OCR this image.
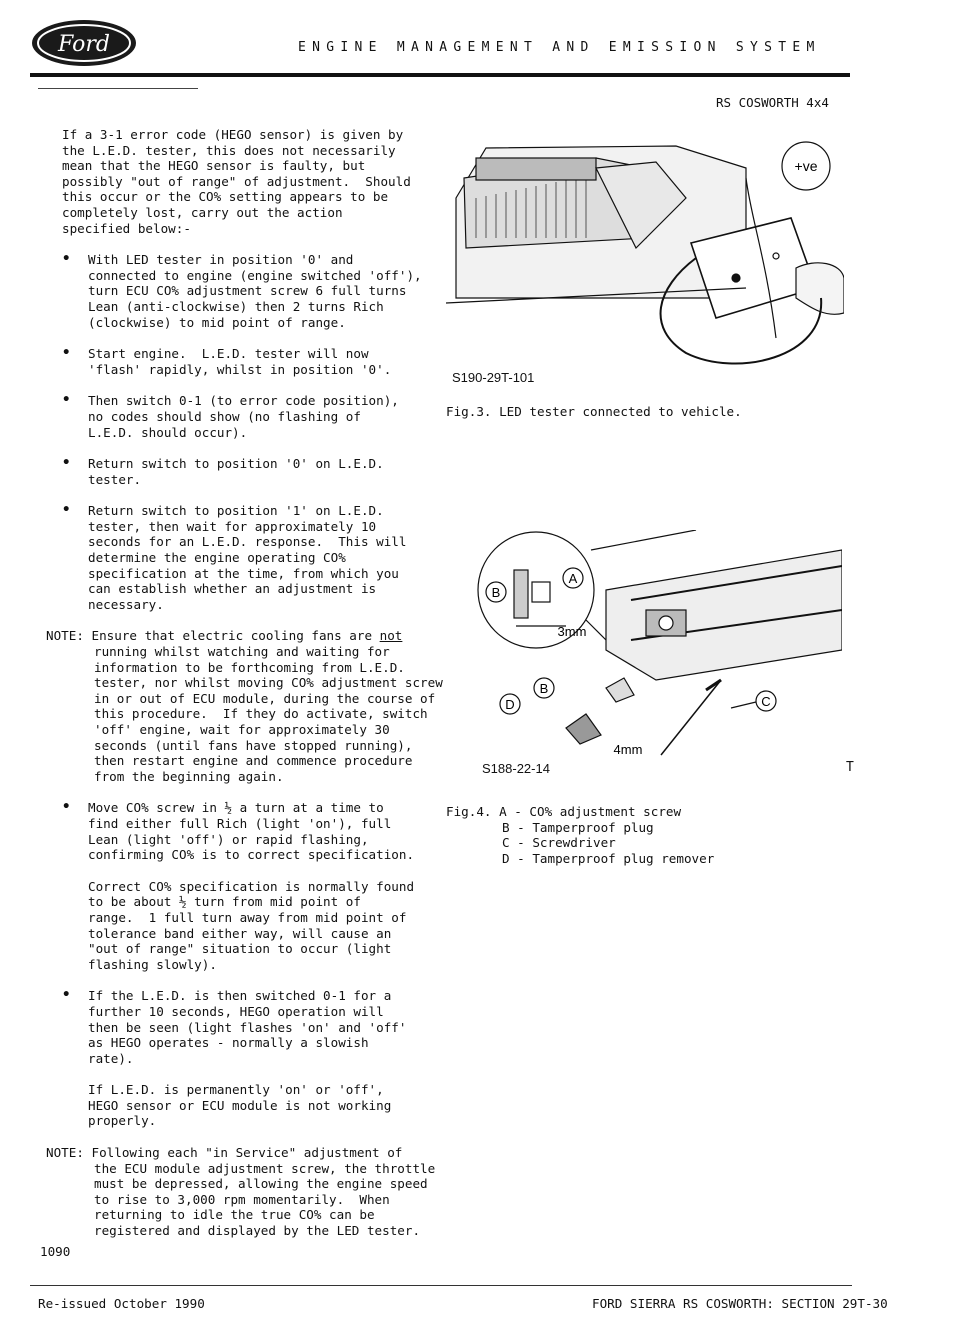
Ford	ENGINE MANAGEMENT AND EMISSION SYSTEM
RS COSWORTH 4x4

If a 3-1 error code (HEGO sensor) is given by
the L.E.D. tester, this does not necessarily
mean that the HEGO sensor is faulty, but
possibly "out of range" of adjustment.  Should
this occur or the CO% setting appears to be
completely lost, carry out the action
specified below:-

• With LED tester in position '0' and
connected to engine (engine switched 'off'),
turn ECU CO% adjustment screw 6 full turns
Lean (anti-clockwise) then 2 turns Rich
(clockwise) to mid point of range.
• Start engine.  L.E.D. tester will now
'flash' rapidly, whilst in position '0'.
• Then switch 0-1 (to error code position),
no codes should show (no flashing of
L.E.D. should occur).
• Return switch to position '0' on L.E.D.
tester.
• Return switch to position '1' on L.E.D.
tester, then wait for approximately 10
seconds for an L.E.D. response.  This will
determine the engine operating CO%
specification at the time, from which you
can establish whether an adjustment is
necessary.
NOTE: Ensure that electric cooling fans are not
running whilst watching and waiting for
information to be forthcoming from L.E.D.
tester, nor whilst moving CO% adjustment screw
in or out of ECU module, during the course of
this procedure.  If they do activate, switch
'off' engine, wait for approximately 30
seconds (until fans have stopped running),
then restart engine and commence procedure
from the beginning again.
• Move CO% screw in ½ a turn at a time to
find either full Rich (light 'on'), full
Lean (light 'off') or rapid flashing,
confirming CO% is to correct specification.

Correct CO% specification is normally found
to be about ½ turn from mid point of
range.  1 full turn away from mid point of
tolerance band either way, will cause an
"out of range" situation to occur (light
flashing slowly).

• If the L.E.D. is then switched 0-1 for a
further 10 seconds, HEGO operation will
then be seen (light flashes 'on' and 'off'
as HEGO operates - normally a slowish
rate).

If L.E.D. is permanently 'on' or 'off',
HEGO sensor or ECU module is not working
properly.

NOTE: Following each "in Service" adjustment of
the ECU module adjustment screw, the throttle
must be depressed, allowing the engine speed
to rise to 3,000 rpm momentarily.  When
returning to idle the true CO% can be
registered and displayed by the LED tester.
+ve
S190-29T-101
Fig.3. LED tester connected to vehicle.
B
A
B
D	C
3mm
4mm
S188-22-14	T
Fig.4. A - CO% adjustment screw
B - Tamperproof plug
C - Screwdriver
D - Tamperproof plug remover
1090
Re-issued October 1990	FORD SIERRA RS COSWORTH: SECTION 29T-30
